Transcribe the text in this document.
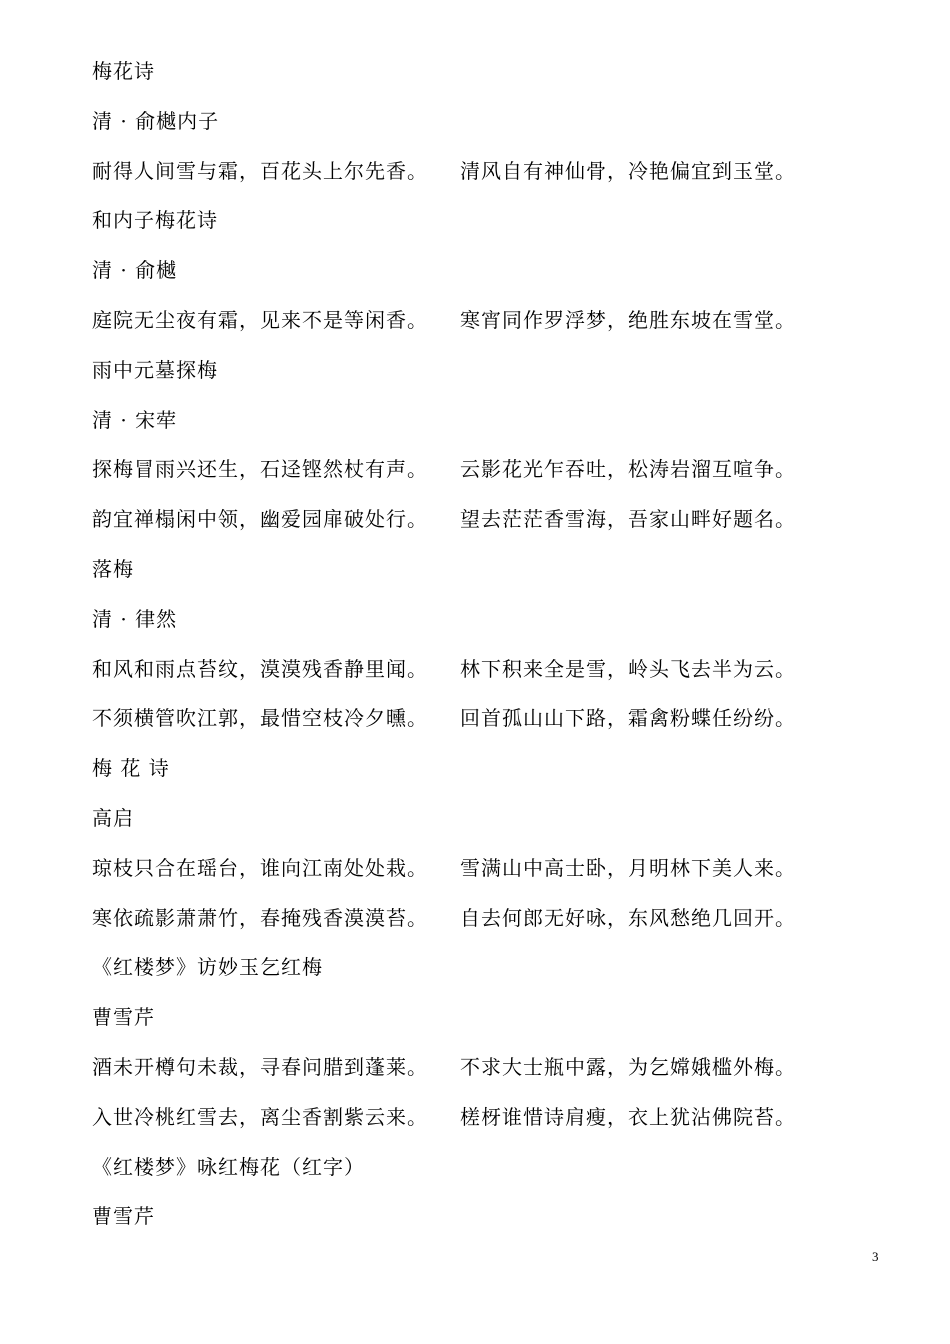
梅花诗
清 · 俞樾内子
耐得人间雪与霜，百花头上尔先香。 清风自有神仙骨，冷艳偏宜到玉堂。
和内子梅花诗
清 · 俞樾
庭院无尘夜有霜，见来不是等闲香。 寒宵同作罗浮梦，绝胜东坡在雪堂。
雨中元墓探梅
清 · 宋荦
探梅冒雨兴还生，石迳铿然杖有声。 云影花光乍吞吐，松涛岩溜互喧争。
韵宜禅榻闲中领，幽爱园扉破处行。 望去茫茫香雪海，吾家山畔好题名。
落梅
清 · 律然
和风和雨点苔纹，漠漠残香静里闻。 林下积来全是雪，岭头飞去半为云。
不须横管吹江郭，最惜空枝冷夕曛。 回首孤山山下路，霜禽粉蝶任纷纷。
梅 花 诗
高启
琼枝只合在瑶台，谁向江南处处栽。 雪满山中高士卧，月明林下美人来。
寒依疏影萧萧竹，春掩残香漠漠苔。 自去何郎无好咏，东风愁绝几回开。
《红楼梦》访妙玉乞红梅
曹雪芹
酒未开樽句未裁，寻春问腊到蓬莱。 不求大士瓶中露，为乞嫦娥槛外梅。
入世冷桃红雪去，离尘香割紫云来。 槎枒谁惜诗肩瘦，衣上犹沾佛院苔。
《红楼梦》咏红梅花（红字）
曹雪芹
3
